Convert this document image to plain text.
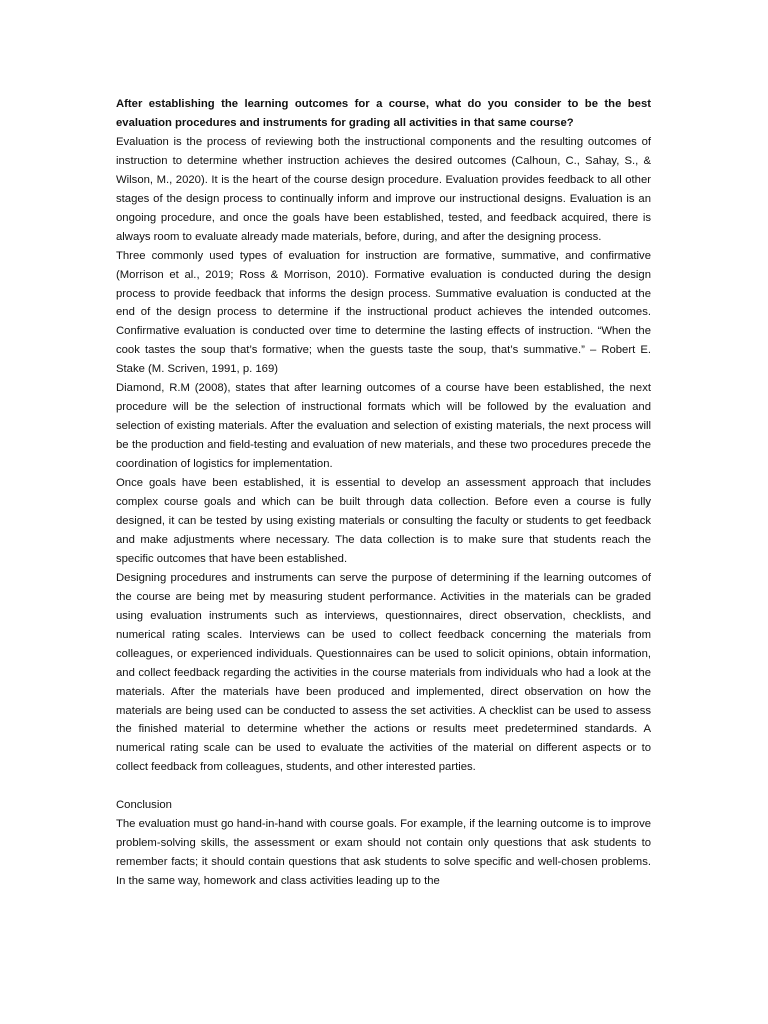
After establishing the learning outcomes for a course, what do you consider to be the best evaluation procedures and instruments for grading all activities in that same course?

Evaluation is the process of reviewing both the instructional components and the resulting outcomes of instruction to determine whether instruction achieves the desired outcomes (Calhoun, C., Sahay, S., & Wilson, M., 2020). It is the heart of the course design procedure. Evaluation provides feedback to all other stages of the design process to continually inform and improve our instructional designs. Evaluation is an ongoing procedure, and once the goals have been established, tested, and feedback acquired, there is always room to evaluate already made materials, before, during, and after the designing process.

Three commonly used types of evaluation for instruction are formative, summative, and confirmative (Morrison et al., 2019; Ross & Morrison, 2010). Formative evaluation is conducted during the design process to provide feedback that informs the design process. Summative evaluation is conducted at the end of the design process to determine if the instructional product achieves the intended outcomes. Confirmative evaluation is conducted over time to determine the lasting effects of instruction. “When the cook tastes the soup that’s formative; when the guests taste the soup, that’s summative.” – Robert E. Stake (M. Scriven, 1991, p. 169)

Diamond, R.M (2008), states that after learning outcomes of a course have been established, the next procedure will be the selection of instructional formats which will be followed by the evaluation and selection of existing materials. After the evaluation and selection of existing materials, the next process will be the production and field-testing and evaluation of new materials, and these two procedures precede the coordination of logistics for implementation.

Once goals have been established, it is essential to develop an assessment approach that includes complex course goals and which can be built through data collection. Before even a course is fully designed, it can be tested by using existing materials or consulting the faculty or students to get feedback and make adjustments where necessary. The data collection is to make sure that students reach the specific outcomes that have been established.

Designing procedures and instruments can serve the purpose of determining if the learning outcomes of the course are being met by measuring student performance. Activities in the materials can be graded using evaluation instruments such as interviews, questionnaires, direct observation, checklists, and numerical rating scales. Interviews can be used to collect feedback concerning the materials from colleagues, or experienced individuals. Questionnaires can be used to solicit opinions, obtain information, and collect feedback regarding the activities in the course materials from individuals who had a look at the materials. After the materials have been produced and implemented, direct observation on how the materials are being used can be conducted to assess the set activities. A checklist can be used to assess the finished material to determine whether the actions or results meet predetermined standards. A numerical rating scale can be used to evaluate the activities of the material on different aspects or to collect feedback from colleagues, students, and other interested parties.

Conclusion

The evaluation must go hand-in-hand with course goals. For example, if the learning outcome is to improve problem-solving skills, the assessment or exam should not contain only questions that ask students to remember facts; it should contain questions that ask students to solve specific and well-chosen problems. In the same way, homework and class activities leading up to the
